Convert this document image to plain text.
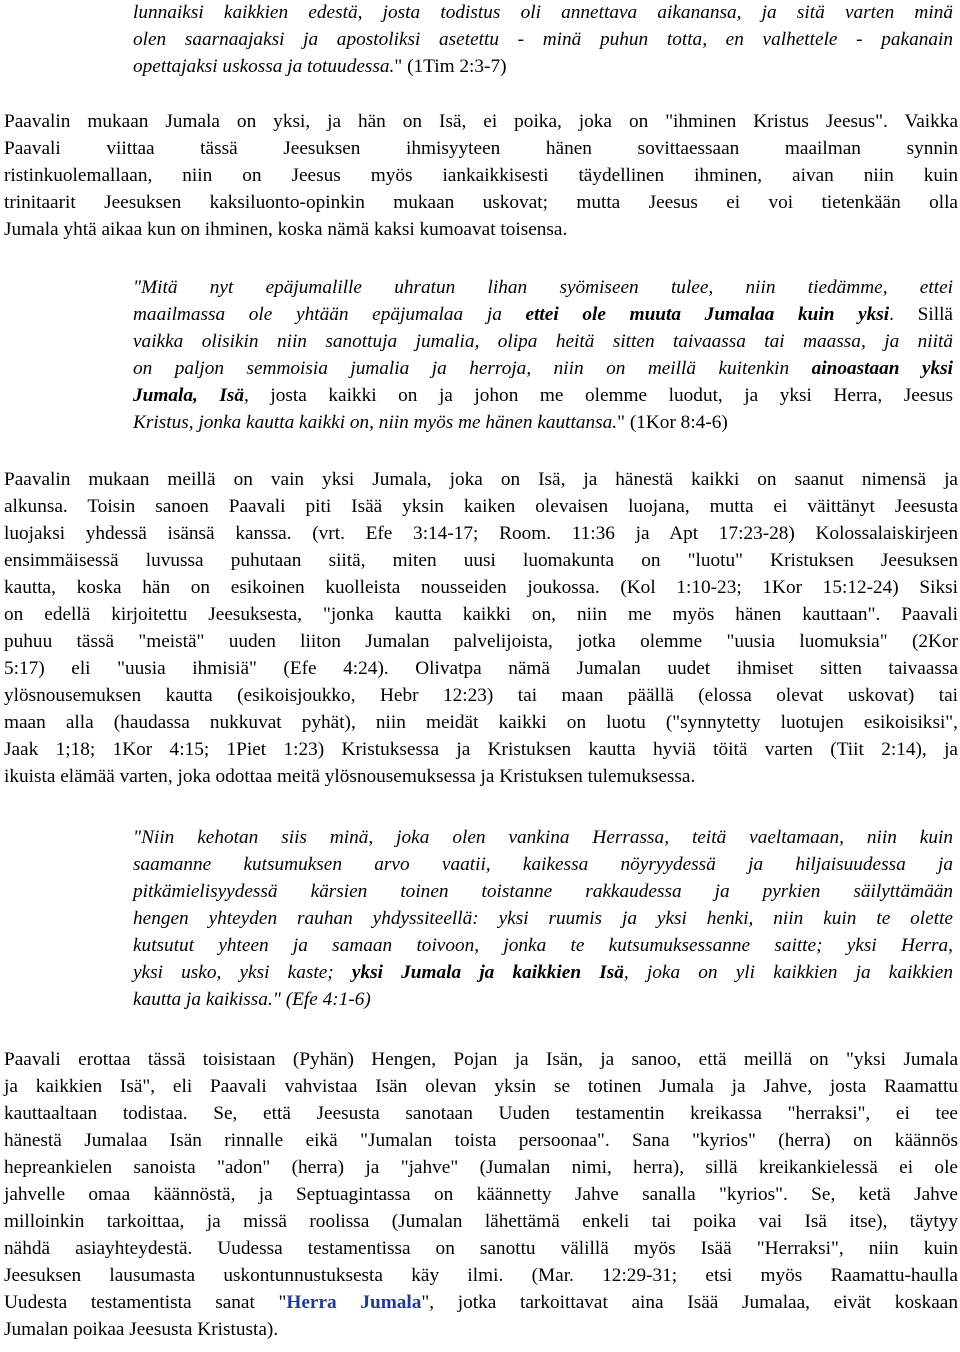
lunnaiksi kaikkien edestä, josta todistus oli annettava aikanansa, ja sitä varten minä
olen saarnaajaksi ja apostoliksi asetettu - minä puhun totta, en valhettele - pakanain
opettajaksi uskossa ja totuudessa." (1Tim 2:3-7)
Paavalin mukaan Jumala on yksi, ja hän on Isä, ei poika, joka on "ihminen Kristus Jeesus". Vaikka
Paavali viittaa tässä Jeesuksen ihmisyyteen hänen sovittaessaan maailman synnin
ristinkuolemallaan, niin on Jeesus myös iankaikkisesti täydellinen ihminen, aivan niin kuin
trinitaarit Jeesuksen kaksiluonto-opinkin mukaan uskovat; mutta Jeesus ei voi tietenkään olla
Jumala yhtä aikaa kun on ihminen, koska nämä kaksi kumoavat toisensa.
"Mitä nyt epäjumalille uhratun lihan syömiseen tulee, niin tiedämme, ettei
maailmassa ole yhtään epäjumalaa ja ettei ole muuta Jumalaa kuin yksi. Sillä
vaikka olisikin niin sanottuja jumalia, olipa heitä sitten taivaassa tai maassa, ja niitä
on paljon semmoisia jumalia ja herroja, niin on meillä kuitenkin ainoastaan yksi
Jumala, Isä, josta kaikki on ja johon me olemme luodut, ja yksi Herra, Jeesus
Kristus, jonka kautta kaikki on, niin myös me hänen kauttansa." (1Kor 8:4-6)
Paavalin mukaan meillä on vain yksi Jumala, joka on Isä, ja hänestä kaikki on saanut nimensä ja
alkunsa. Toisin sanoen Paavali piti Isää yksin kaiken olevaisen luojana, mutta ei väittänyt Jeesusta
luojaksi yhdessä isänsä kanssa. (vrt. Efe 3:14-17; Room. 11:36 ja Apt 17:23-28) Kolossalaiskirjeen
ensimmäisessä luvussa puhutaan siitä, miten uusi luomakunta on "luotu" Kristuksen Jeesuksen
kautta, koska hän on esikoinen kuolleista nousseiden joukossa. (Kol 1:10-23; 1Kor 15:12-24) Siksi
on edellä kirjoitettu Jeesuksesta, "jonka kautta kaikki on, niin me myös hänen kauttaan". Paavali
puhuu tässä "meistä" uuden liiton Jumalan palvelijoista, jotka olemme "uusia luomuksia" (2Kor
5:17) eli "uusia ihmisiä" (Efe 4:24). Olivatpa nämä Jumalan uudet ihmiset sitten taivaassa
ylösnousemuksen kautta (esikoisjoukko, Hebr 12:23) tai maan päällä (elossa olevat uskovat) tai
maan alla (haudassa nukkuvat pyhät), niin meidät kaikki on luotu ("synnytetty luotujen esikoisiksi",
Jaak 1;18; 1Kor 4:15; 1Piet 1:23) Kristuksessa ja Kristuksen kautta hyviä töitä varten (Tiit 2:14), ja
ikuista elämää varten, joka odottaa meitä ylösnousemuksessa ja Kristuksen tulemuksessa.
"Niin kehotan siis minä, joka olen vankina Herrassa, teitä vaeltamaan, niin kuin
saamanne kutsumuksen arvo vaatii, kaikessa nöyryydessä ja hiljaisuudessa ja
pitkämielisyydessä kärsien toinen toistanne rakkaudessa ja pyrkien säilyttämään
hengen yhteyden rauhan yhdyssiteellä: yksi ruumis ja yksi henki, niin kuin te olette
kutsutut yhteen ja samaan toivoon, jonka te kutsumuksessanne saitte; yksi Herra,
yksi usko, yksi kaste; yksi Jumala ja kaikkien Isä, joka on yli kaikkien ja kaikkien
kautta ja kaikissa." (Efe 4:1-6)
Paavali erottaa tässä toisistaan (Pyhän) Hengen, Pojan ja Isän, ja sanoo, että meillä on "yksi Jumala
ja kaikkien Isä", eli Paavali vahvistaa Isän olevan yksin se totinen Jumala ja Jahve, josta Raamattu
kauttaaltaan todistaa. Se, että Jeesusta sanotaan Uuden testamentin kreikassa "herraksi", ei tee
hänestä Jumalaa Isän rinnalle eikä "Jumalan toista persoonaa". Sana "kyrios" (herra) on käännös
hepreankielen sanoista "adon" (herra) ja "jahve" (Jumalan nimi, herra), sillä kreikankielessä ei ole
jahvelle omaa käännöstä, ja Septuagintassa on käännetty Jahve sanalla "kyrios". Se, ketä Jahve
milloinkin tarkoittaa, ja missä roolissa (Jumalan lähettämä enkeli tai poika vai Isä itse), täytyy
nähdä asiayhteydestä. Uudessa testamentissa on sanottu välillä myös Isää "Herraksi", niin kuin
Jeesuksen lausumasta uskontunnustuksesta käy ilmi. (Mar. 12:29-31; etsi myös Raamattu-haulla
Uudesta testamentista sanat "Herra Jumala", jotka tarkoittavat aina Isää Jumalaa, eivät koskaan
Jumalan poikaa Jeesusta Kristusta).
